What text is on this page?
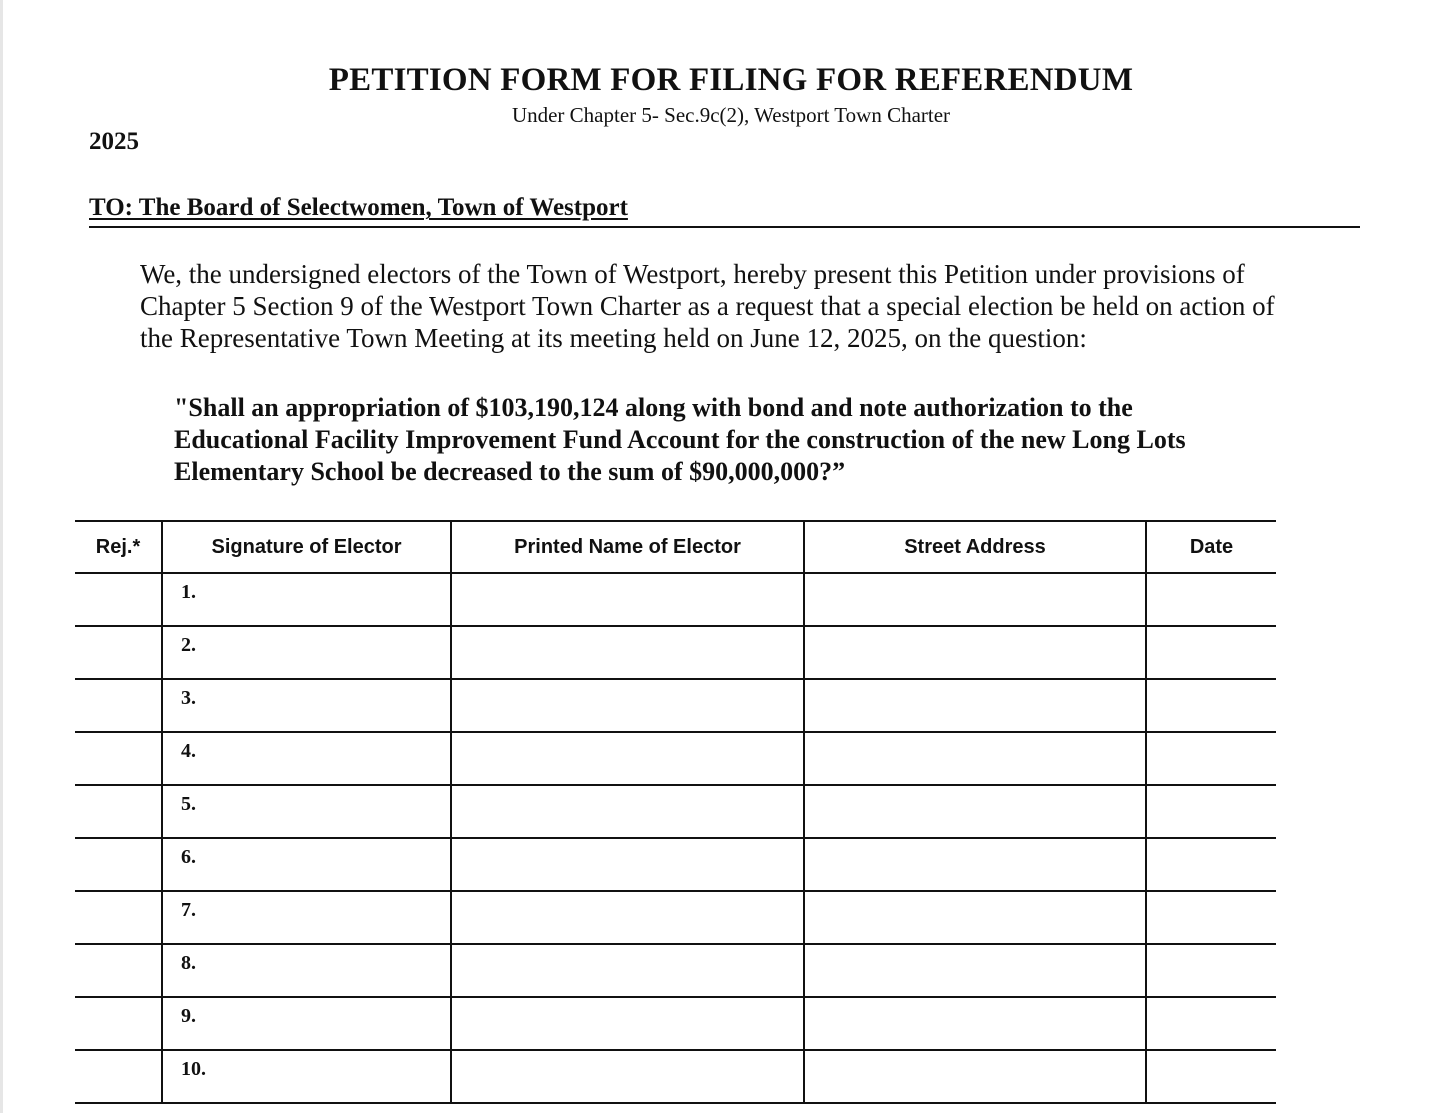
PETITION FORM FOR FILING FOR REFERENDUM
Under Chapter 5- Sec.9c(2), Westport Town Charter
2025
TO: The Board of Selectwomen, Town of Westport

We, the undersigned electors of the Town of Westport, hereby present this Petition under provisions of Chapter 5 Section 9 of the Westport Town Charter as a request that a special election be held on action of the Representative Town Meeting at its meeting held on June 12, 2025, on the question:

"Shall an appropriation of $103,190,124 along with bond and note authorization to the Educational Facility Improvement Fund Account for the construction of the new Long Lots Elementary School be decreased to the sum of $90,000,000?”

Rej.*	Signature of Elector	Printed Name of Elector	Street Address	Date

	1.			

	2.			

	3.			

	4.			

	5.			

	6.			

	7.			

	8.			

	9.			

	10.			
